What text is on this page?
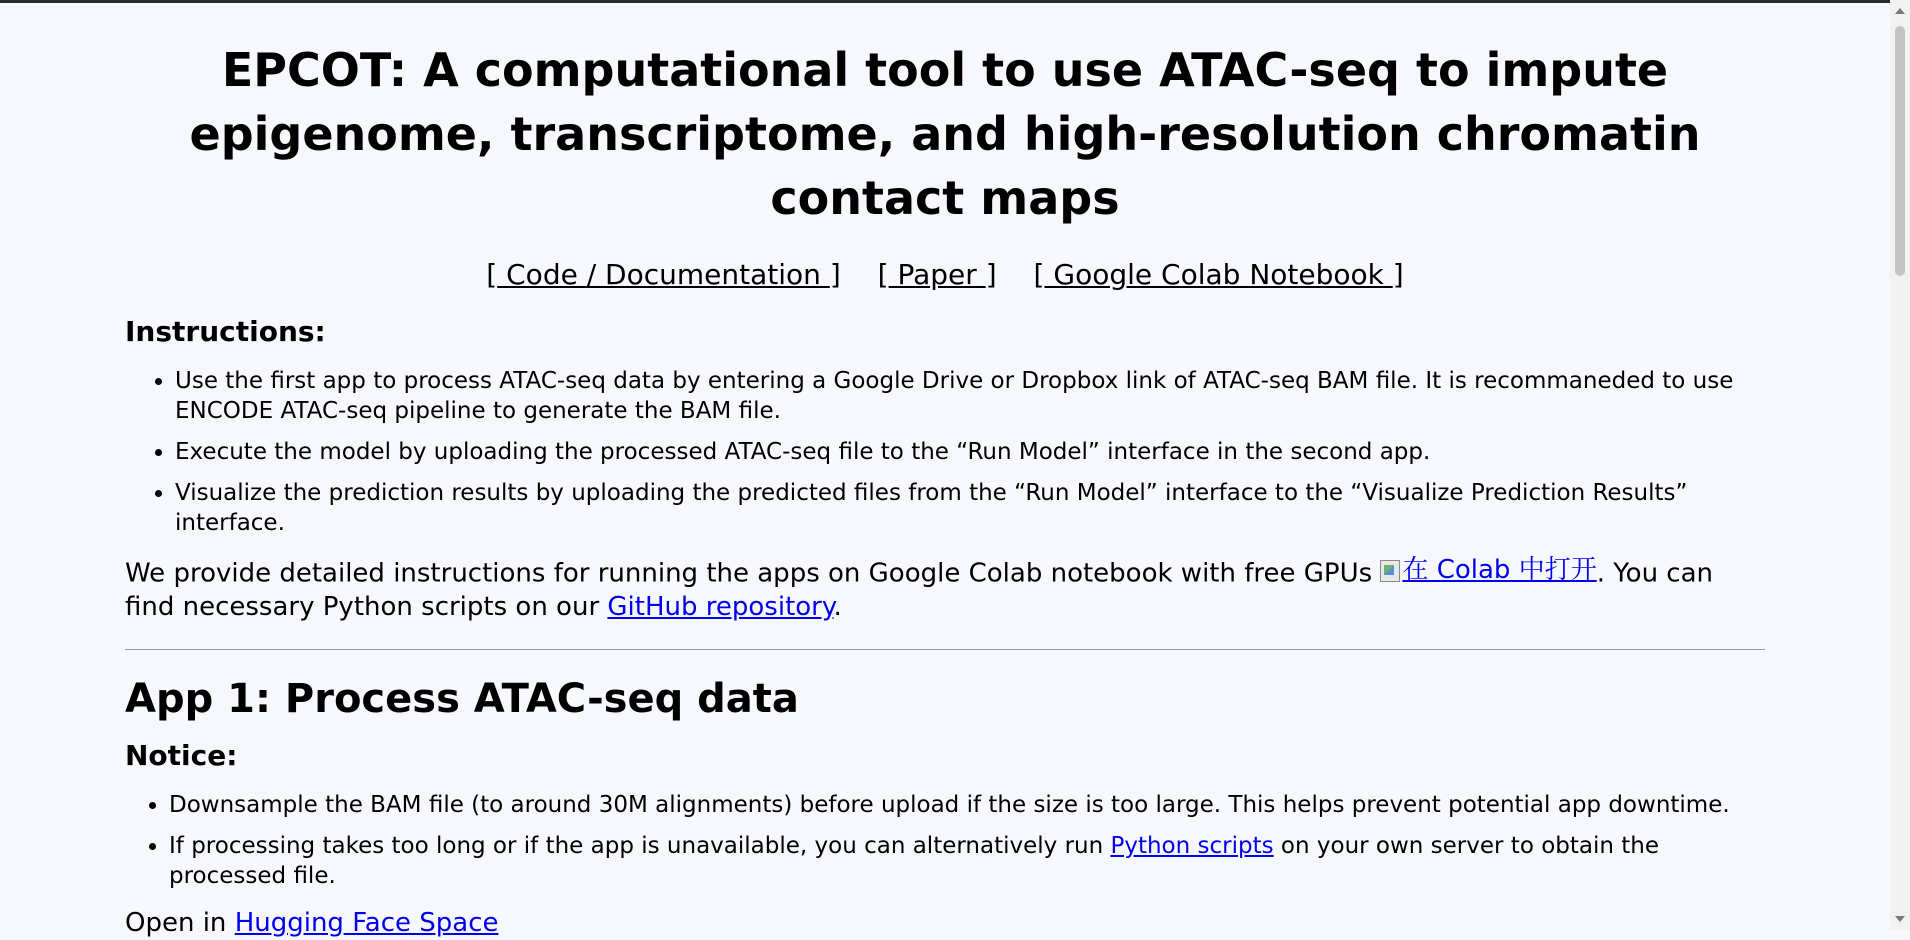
EPCOT: A computational tool to use ATAC-seq to impute epigenome, transcriptome, and high-resolution chromatin contact maps
[ Code / Documentation ] [ Paper ] [ Google Colab Notebook ]
Instructions:
• Use the first app to process ATAC-seq data by entering a Google Drive or Dropbox link of ATAC-seq BAM file. It is recommaneded to use ENCODE ATAC-seq pipeline to generate the BAM file.
• Execute the model by uploading the processed ATAC-seq file to the “Run Model” interface in the second app.
• Visualize the prediction results by uploading the predicted files from the “Run Model” interface to the “Visualize Prediction Results” interface.

We provide detailed instructions for running the apps on Google Colab notebook with free GPUs 在 Colab 中打开 . You can find necessary Python scripts on our GitHub repository.

App 1: Process ATAC-seq data
Notice:
• Downsample the BAM file (to around 30M alignments) before upload if the size is too large. This helps prevent potential app downtime.
• If processing takes too long or if the app is unavailable, you can alternatively run Python scripts on your own server to obtain the processed file.

Open in Hugging Face Space
